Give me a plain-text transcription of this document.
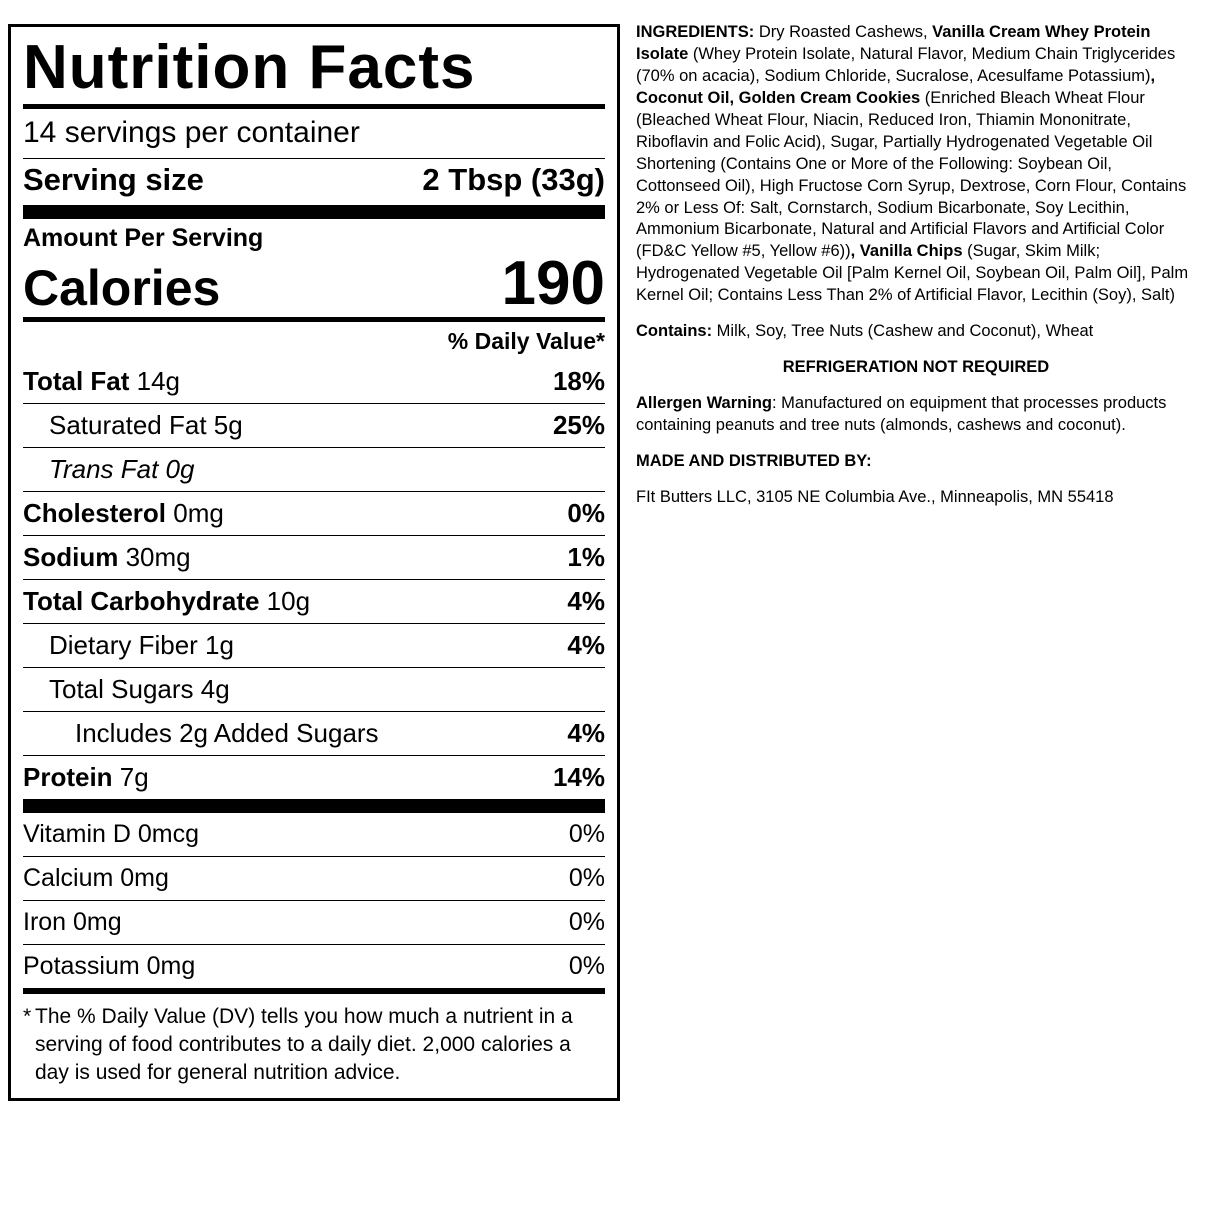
Nutrition Facts
14 servings per container
Serving size	2 Tbsp (33g)
Amount Per Serving
Calories	190
% Daily Value*
Total Fat 14g	18%
Saturated Fat 5g	25%
Trans Fat 0g
Cholesterol 0mg	0%
Sodium 30mg	1%
Total Carbohydrate 10g	4%
Dietary Fiber 1g	4%
Total Sugars 4g
Includes 2g Added Sugars	4%
Protein 7g	14%
Vitamin D 0mcg	0%
Calcium 0mg	0%
Iron 0mg	0%
Potassium 0mg	0%
* The % Daily Value (DV) tells you how much a nutrient in a serving of food contributes to a daily diet. 2,000 calories a day is used for general nutrition advice.

INGREDIENTS: Dry Roasted Cashews, Vanilla Cream Whey Protein Isolate (Whey Protein Isolate, Natural Flavor, Medium Chain Triglycerides (70% on acacia), Sodium Chloride, Sucralose, Acesulfame Potassium), Coconut Oil, Golden Cream Cookies (Enriched Bleach Wheat Flour (Bleached Wheat Flour, Niacin, Reduced Iron, Thiamin Mononitrate, Riboflavin and Folic Acid), Sugar, Partially Hydrogenated Vegetable Oil Shortening (Contains One or More of the Following: Soybean Oil, Cottonseed Oil), High Fructose Corn Syrup, Dextrose, Corn Flour, Contains 2% or Less Of: Salt, Cornstarch, Sodium Bicarbonate, Soy Lecithin, Ammonium Bicarbonate, Natural and Artificial Flavors and Artificial Color (FD&C Yellow #5, Yellow #6)), Vanilla Chips (Sugar, Skim Milk; Hydrogenated Vegetable Oil [Palm Kernel Oil, Soybean Oil, Palm Oil], Palm Kernel Oil; Contains Less Than 2% of Artificial Flavor, Lecithin (Soy), Salt)

Contains: Milk, Soy, Tree Nuts (Cashew and Coconut), Wheat

REFRIGERATION NOT REQUIRED

Allergen Warning: Manufactured on equipment that processes products containing peanuts and tree nuts (almonds, cashews and coconut).

MADE AND DISTRIBUTED BY:

FIt Butters LLC, 3105 NE Columbia Ave., Minneapolis, MN 55418
